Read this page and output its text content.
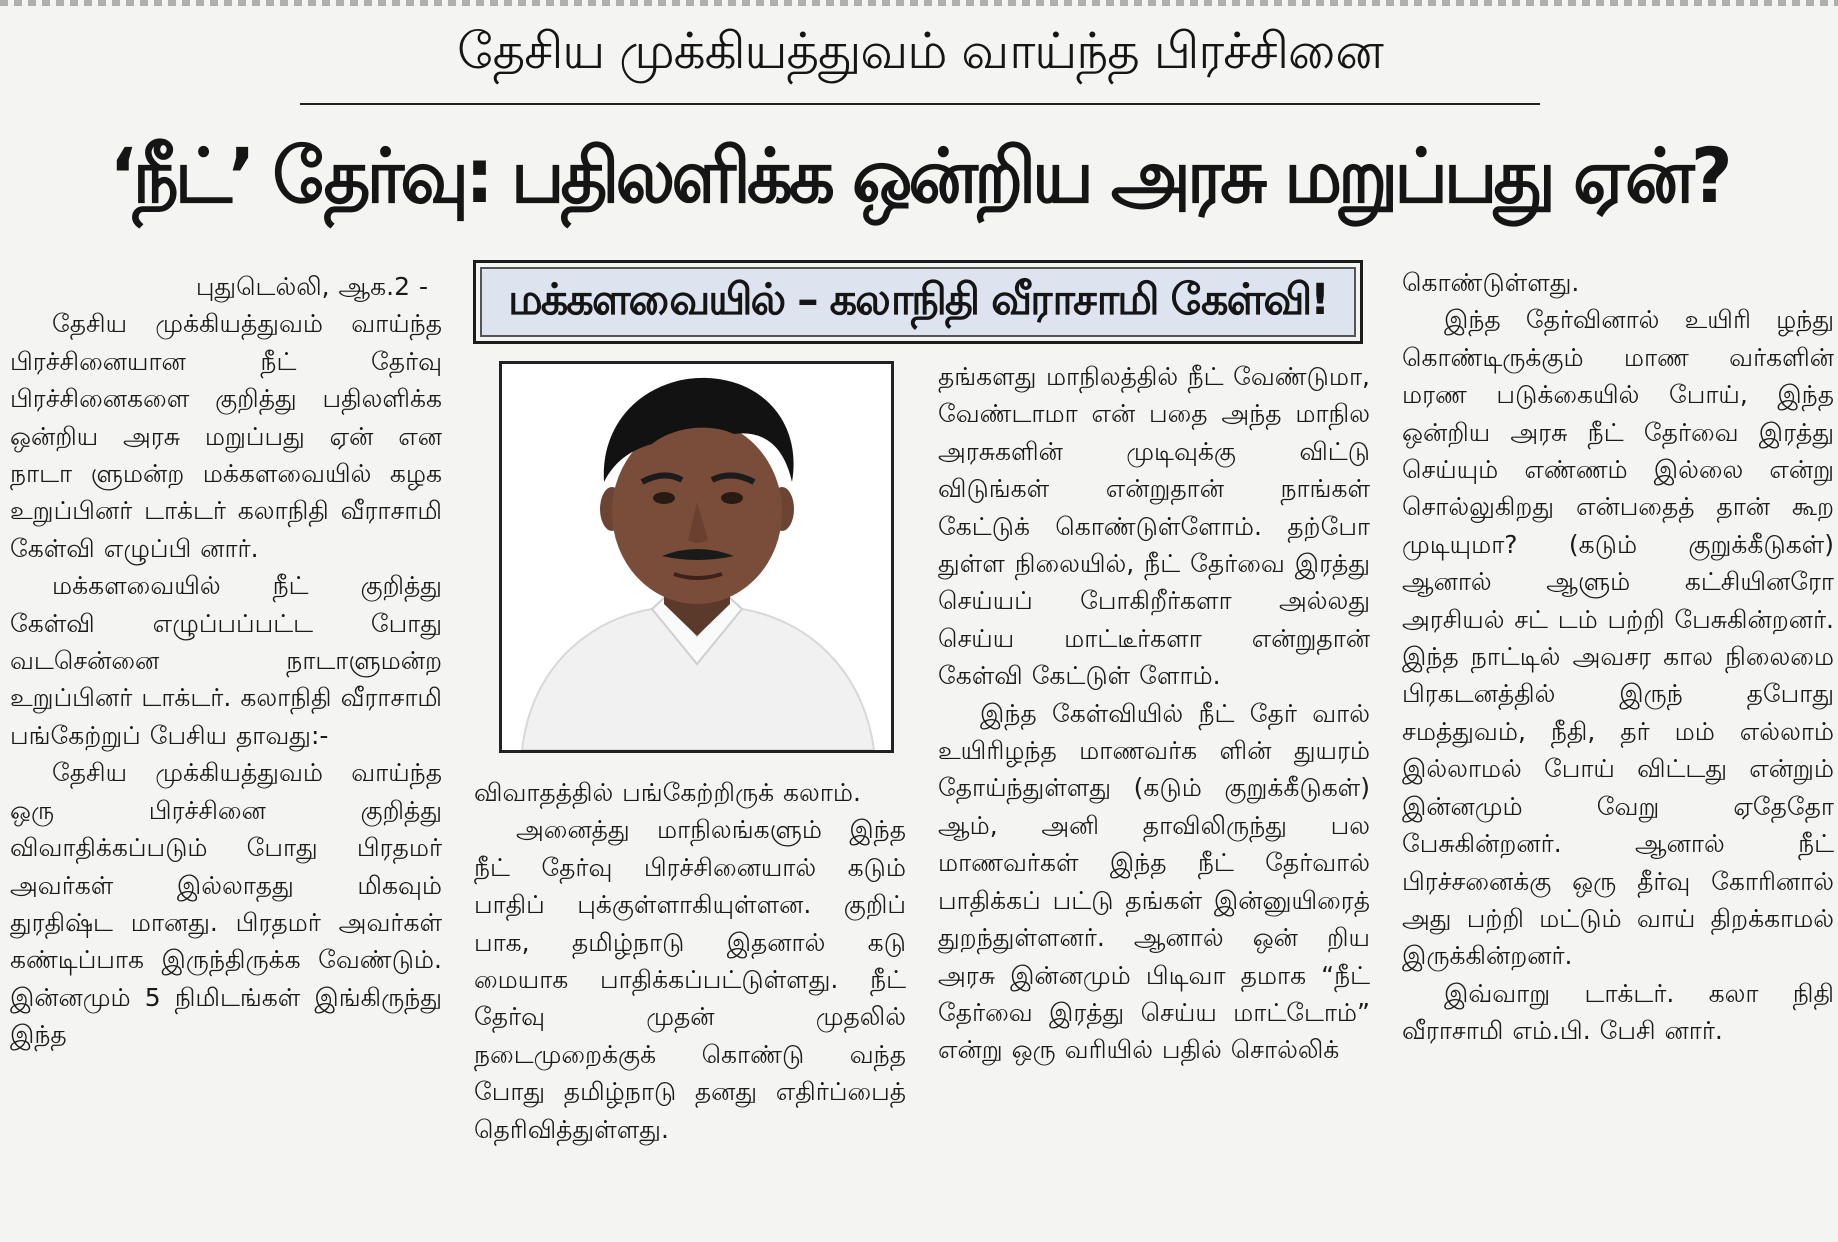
தேசிய முக்கியத்துவம் வாய்ந்த பிரச்சினை
‘நீட்’ தேர்வு: பதிலளிக்க ஒன்றிய அரசு மறுப்பது ஏன்?
மக்களவையில் – கலாநிதி வீராசாமி கேள்வி!

புதுடெல்லி, ஆக.2 -

தேசிய முக்கியத்துவம் வாய்ந்த பிரச்சினையான நீட் தேர்வு பிரச்சினைகளை குறித்து பதிலளிக்க ஒன்றிய அரசு மறுப்பது ஏன் என நாடா ளுமன்ற மக்களவையில் கழக உறுப்பினர் டாக்டர் கலாநிதி வீராசாமி கேள்வி எழுப்பி னார்.

மக்களவையில் நீட் குறித்து கேள்வி எழுப்பப்பட்ட போது வடசென்னை நாடாளுமன்ற உறுப்பினர் டாக்டர். கலாநிதி வீராசாமி பங்கேற்றுப் பேசிய தாவது:-

தேசிய முக்கியத்துவம் வாய்ந்த ஒரு பிரச்சினை குறித்து விவாதிக்கப்படும் போது பிரதமர் அவர்கள் இல்லாதது மிகவும் துரதிஷ்ட மானது. பிரதமர் அவர்கள் கண்டிப்பாக இருந்திருக்க வேண்டும். இன்னமும் 5 நிமிடங்கள் இங்கிருந்து இந்த

விவாதத்தில் பங்கேற்றிருக் கலாம்.

அனைத்து மாநிலங்களும் இந்த நீட் தேர்வு பிரச்சினையால் கடும் பாதிப் புக்குள்ளாகியுள்ளன. குறிப் பாக, தமிழ்நாடு இதனால் கடு மையாக பாதிக்கப்பட்டுள்ளது. நீட் தேர்வு முதன் முதலில் நடைமுறைக்குக் கொண்டு வந்த போது தமிழ்நாடு தனது எதிர்ப்பைத் தெரிவித்துள்ளது.

தங்களது மாநிலத்தில் நீட் வேண்டுமா, வேண்டாமா என் பதை அந்த மாநில அரசுகளின் முடிவுக்கு விட்டு விடுங்கள் என்றுதான் நாங்கள் கேட்டுக் கொண்டுள்ளோம். தற்போ துள்ள நிலையில், நீட் தேர்வை இரத்து செய்யப் போகிறீர்களா அல்லது செய்ய மாட்டீர்களா என்றுதான் கேள்வி கேட்டுள் ளோம்.

இந்த கேள்வியில் நீட் தேர் வால் உயிரிழந்த மாணவர்க ளின் துயரம் தோய்ந்துள்ளது (கடும் குறுக்கீடுகள்) ஆம், அனி தாவிலிருந்து பல மாணவர்கள் இந்த நீட் தேர்வால் பாதிக்கப் பட்டு தங்கள் இன்னுயிரைத் துறந்துள்ளனர். ஆனால் ஒன் றிய அரசு இன்னமும் பிடிவா தமாக “நீட் தேர்வை இரத்து செய்ய மாட்டோம்” என்று ஒரு வரியில் பதில் சொல்லிக்

கொண்டுள்ளது.

இந்த தேர்வினால் உயிரி ழந்து கொண்டிருக்கும் மாண வர்களின் மரண படுக்கையில் போய், இந்த ஒன்றிய அரசு நீட் தேர்வை இரத்து செய்யும் எண்ணம் இல்லை என்று சொல்லுகிறது என்பதைத் தான் கூற முடியுமா? (கடும் குறுக்கீடுகள்) ஆனால் ஆளும் கட்சியினரோ அரசியல் சட் டம் பற்றி பேசுகின்றனர். இந்த நாட்டில் அவசர கால நிலைமை பிரகடனத்தில் இருந் தபோது சமத்துவம், நீதி, தர் மம் எல்லாம் இல்லாமல் போய் விட்டது என்றும் இன்னமும் வேறு ஏதேதோ பேசுகின்றனர். ஆனால் நீட் பிரச்சனைக்கு ஒரு தீர்வு கோரினால் அது பற்றி மட்டும் வாய் திறக்காமல் இருக்கின்றனர்.

இவ்வாறு டாக்டர். கலா நிதி வீராசாமி எம்.பி. பேசி னார்.
